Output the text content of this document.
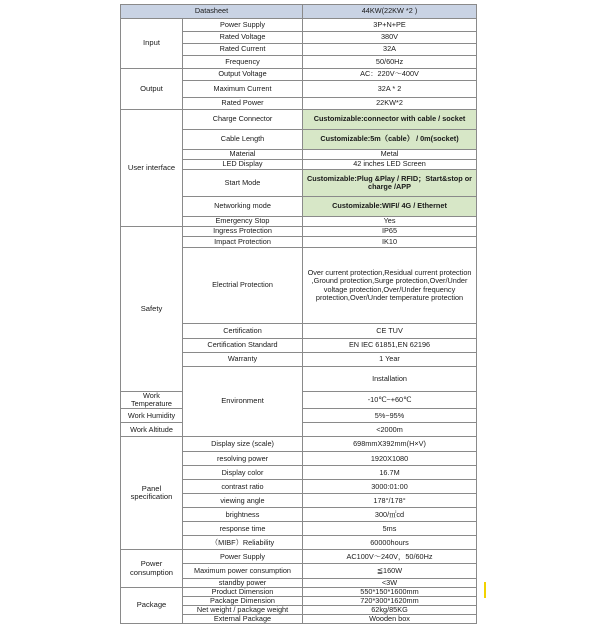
Datasheet		44KW(22KW *2 )	
Input	Power Supply	3P+N+PE	
	Rated Voltage	380V	
	Rated Current	32A	
	Frequency	50/60Hz	
Output	Output Voltage	AC：220V～400V	
	Maximum Current	32A * 2	
	Rated Power	22KW*2	
User interface	Charge Connector	Customizable:connector with cable / socket	
	Cable Length	Customizable:5m（cable） / 0m(socket)	
	Material	Metal	
	LED Display	42 inches LED Screen	
	Start Mode	Customizable:Plug &Play / RFID；Start&stop or charge /APP	
	Networking mode	Customizable:WIFI/ 4G / Ethernet	
	Emergency Stop	Yes	
Safety	Ingress Protection	IP65	
	Impact Protection	IK10	
	Electrial Protection	Over current protection,Residual current protection ,Ground protection,Surge protection,Over/Under voltage protection,Over/Under frequency protection,Over/Under temperature protection	
	Certification	CE TUV	
	Certification Standard	EN IEC 61851,EN 62196	
	Warranty	1 Year	
	Environment	Installation	
Work Temperature		-10℃~+60℃	
Work Humidity		5%~95%	
Work Altitude		<2000m	
Panel specification	Display size (scale)	698mmX392mm(H×V)	
	resolving power	1920X1080	
	Display color	16.7M	
	contrast ratio	3000:01:00	
	viewing angle	178°/178°	
	brightness	300/㎡cd	
	response time	5ms	
	（MIBF）Reliability	60000hours	
Power consumption	Power Supply	AC100V～240V，50/60Hz	
	Maximum power consumption	≦160W	
	standby power	<3W	
Package	Product Dimension	550*150*1600mm	
	Package Dimension	720*300*1620mm	
	Net weight / package weight	62kg/85KG	
	External Package	Wooden box	
